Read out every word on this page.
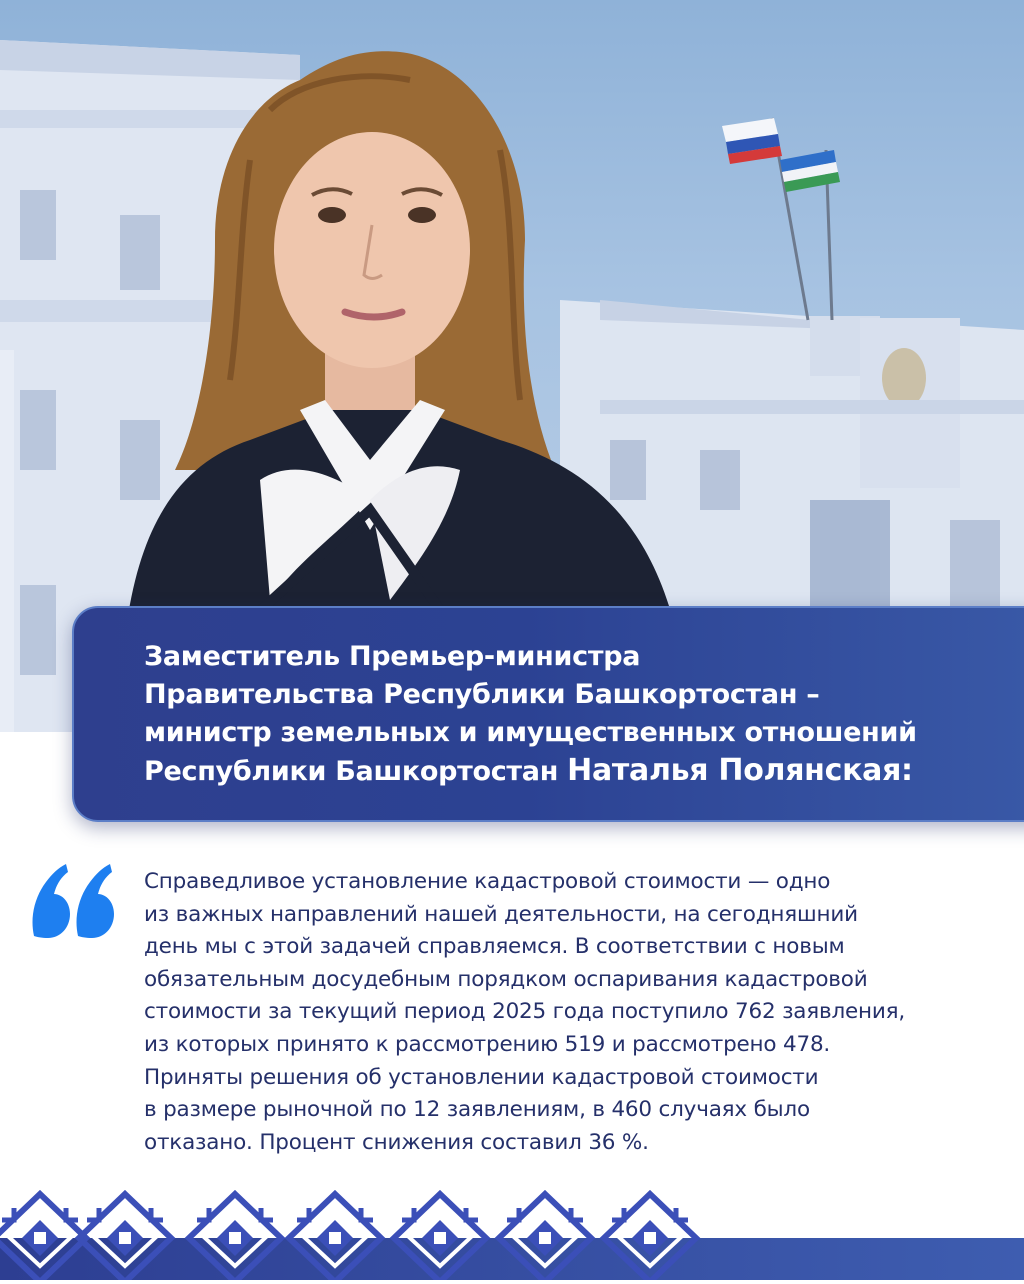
Заместитель Премьер-министра
Правительства Республики Башкортостан –
министр земельных и имущественных отношений
Республики Башкортостан Наталья Полянская:
Справедливое установление кадастровой стоимости — одно
из важных направлений нашей деятельности, на сегодняшний
день мы с этой задачей справляемся. В соответствии с новым
обязательным досудебным порядком оспаривания кадастровой
стоимости за текущий период 2025 года поступило 762 заявления,
из которых принято к рассмотрению 519 и рассмотрено 478.
Приняты решения об установлении кадастровой стоимости
в размере рыночной по 12 заявлениям, в 460 случаях было
отказано. Процент снижения составил 36 %.
